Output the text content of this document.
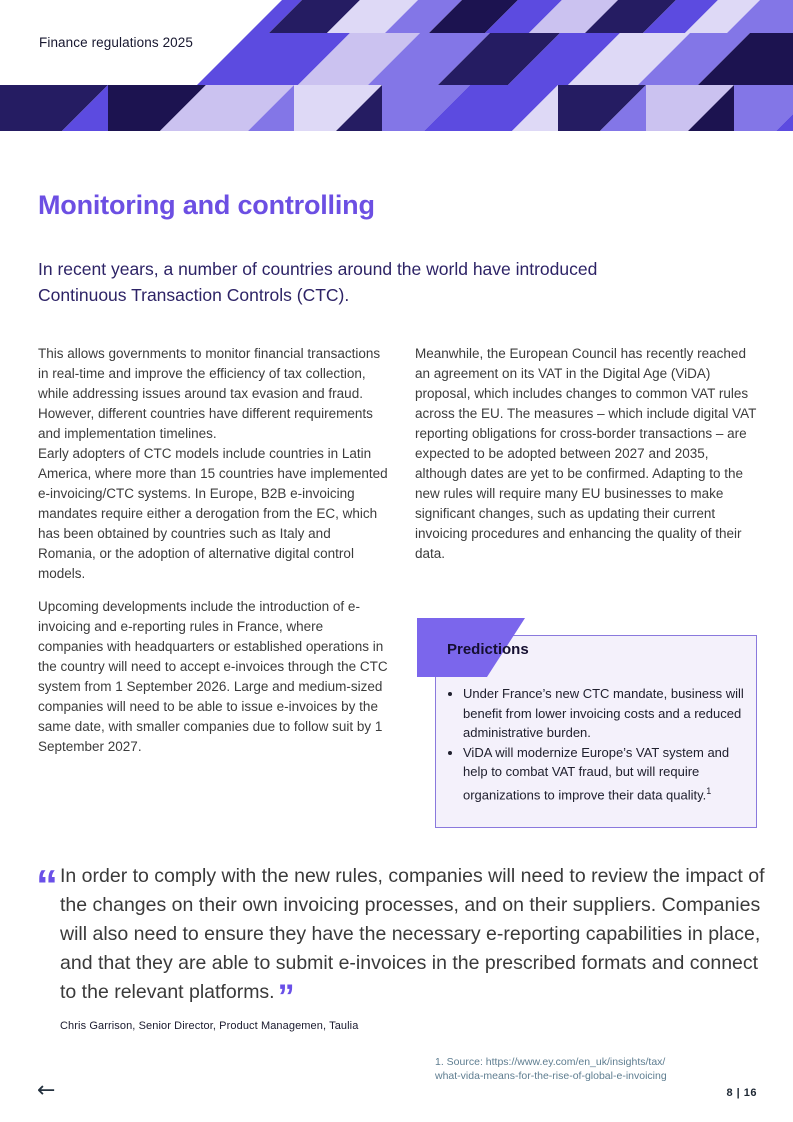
Finance regulations 2025
Monitoring and controlling
In recent years, a number of countries around the world have introduced Continuous Transaction Controls (CTC).
This allows governments to monitor financial transactions in real-time and improve the efficiency of tax collection, while addressing issues around tax evasion and fraud.
However, different countries have different requirements and implementation timelines.
Early adopters of CTC models include countries in Latin America, where more than 15 countries have implemented e-invoicing/CTC systems. In Europe, B2B e-invoicing mandates require either a derogation from the EC, which has been obtained by countries such as Italy and Romania, or the adoption of alternative digital control models.
Upcoming developments include the introduction of e-invoicing and e-reporting rules in France, where companies with headquarters or established operations in the country will need to accept e-invoices through the CTC system from 1 September 2026. Large and medium-sized companies will need to be able to issue e-invoices by the same date, with smaller companies due to follow suit by 1 September 2027.
Meanwhile, the European Council has recently reached an agreement on its VAT in the Digital Age (ViDA) proposal, which includes changes to common VAT rules across the EU. The measures – which include digital VAT reporting obligations for cross-border transactions – are expected to be adopted between 2027 and 2035, although dates are yet to be confirmed. Adapting to the new rules will require many EU businesses to make significant changes, such as updating their current invoicing procedures and enhancing the quality of their data.
• Under France’s new CTC mandate, business will benefit from lower invoicing costs and a reduced administrative burden.
• ViDA will modernize Europe’s VAT system and help to combat VAT fraud, but will require organizations to improve their data quality.$^1$
Predictions
“ In order to comply with the new rules, companies will need to review the impact of the changes on their own invoicing processes, and on their suppliers. Companies will also need to ensure they have the necessary e-reporting capabilities in place, and that they are able to submit e-invoices in the prescribed formats and connect to the relevant platforms.”
Chris Garrison, Senior Director, Product Managemen, Taulia
1. Source: https://www.ey.com/en_uk/insights/tax/
what-vida-means-for-the-rise-of-global-e-invoicing
8 | 16
←
